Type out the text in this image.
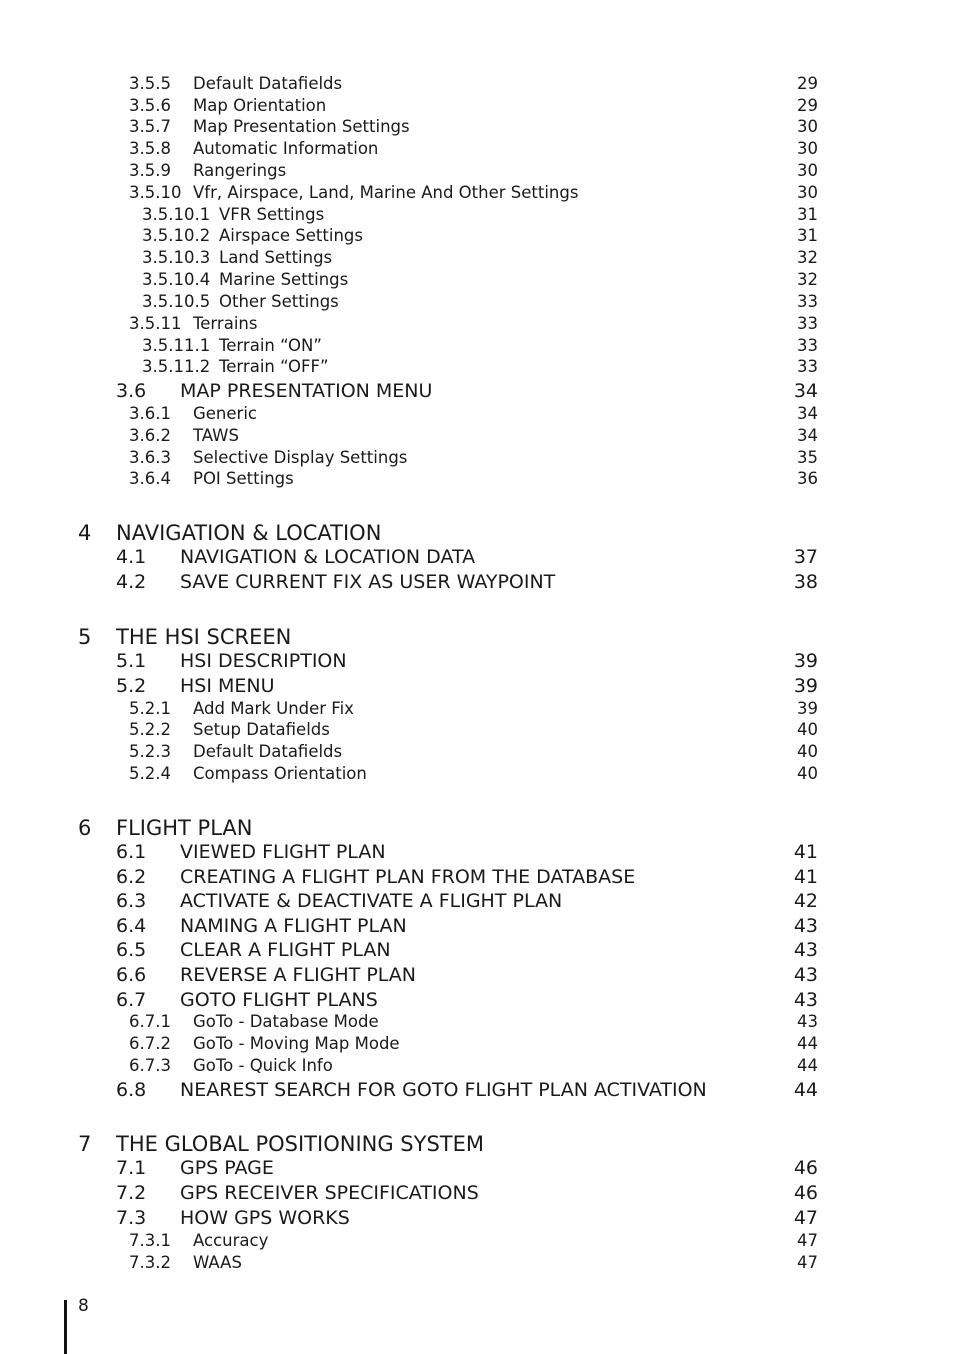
3.5.5 Default Datafields	29
3.5.6 Map Orientation	29
3.5.7 Map Presentation Settings	30
3.5.8 Automatic Information	30
3.5.9 Rangerings	30
3.5.10 Vfr, Airspace, Land, Marine And Other Settings	30
3.5.10.1 VFR Settings	31
3.5.10.2 Airspace Settings	31
3.5.10.3 Land Settings	32
3.5.10.4 Marine Settings	32
3.5.10.5 Other Settings	33
3.5.11 Terrains	33
3.5.11.1 Terrain “ON”	33
3.5.11.2 Terrain “OFF”	33
3.6 MAP PRESENTATION MENU	34
3.6.1 Generic	34
3.6.2 TAWS	34
3.6.3 Selective Display Settings	35
3.6.4 POI Settings	36
4 NAVIGATION & LOCATION
4.1 NAVIGATION & LOCATION DATA	37
4.2 SAVE CURRENT FIX AS USER WAYPOINT	38
5 THE HSI SCREEN
5.1 HSI DESCRIPTION	39
5.2 HSI MENU	39
5.2.1 Add Mark Under Fix	39
5.2.2 Setup Datafields	40
5.2.3 Default Datafields	40
5.2.4 Compass Orientation	40
6 FLIGHT PLAN
6.1 VIEWED FLIGHT PLAN	41
6.2 CREATING A FLIGHT PLAN FROM THE DATABASE	41
6.3 ACTIVATE & DEACTIVATE A FLIGHT PLAN	42
6.4 NAMING A FLIGHT PLAN	43
6.5 CLEAR A FLIGHT PLAN	43
6.6 REVERSE A FLIGHT PLAN	43
6.7 GOTO FLIGHT PLANS	43
6.7.1 GoTo - Database Mode	43
6.7.2 GoTo - Moving Map Mode	44
6.7.3 GoTo - Quick Info	44
6.8 NEAREST SEARCH FOR GOTO FLIGHT PLAN ACTIVATION	44
7 THE GLOBAL POSITIONING SYSTEM
7.1 GPS PAGE	46
7.2 GPS RECEIVER SPECIFICATIONS	46
7.3 HOW GPS WORKS	47
7.3.1 Accuracy	47
7.3.2 WAAS	47
8
